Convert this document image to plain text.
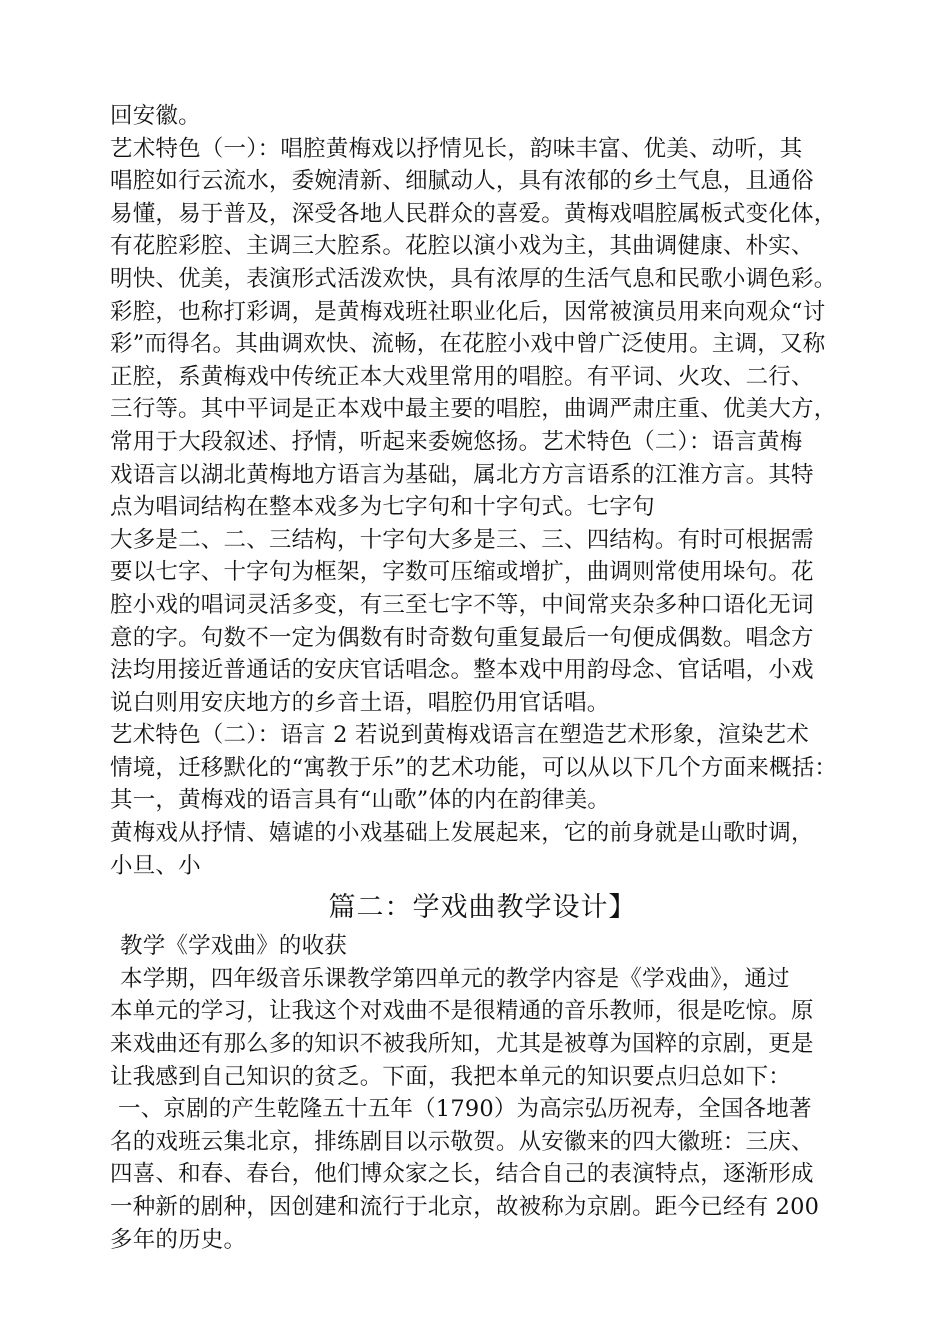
回安徽。
艺术特色（一）：唱腔黄梅戏以抒情见长，韵味丰富、优美、动听，其
唱腔如行云流水，委婉清新、细腻动人，具有浓郁的乡土气息，且通俗
易懂，易于普及，深受各地人民群众的喜爱。黄梅戏唱腔属板式变化体，
有花腔彩腔、主调三大腔系。花腔以演小戏为主，其曲调健康、朴实、
明快、优美，表演形式活泼欢快，具有浓厚的生活气息和民歌小调色彩。
彩腔，也称打彩调，是黄梅戏班社职业化后，因常被演员用来向观众“讨
彩”而得名。其曲调欢快、流畅，在花腔小戏中曾广泛使用。主调，又称
正腔，系黄梅戏中传统正本大戏里常用的唱腔。有平词、火攻、二行、
三行等。其中平词是正本戏中最主要的唱腔，曲调严肃庄重、优美大方，
常用于大段叙述、抒情，听起来委婉悠扬。艺术特色（二）：语言黄梅
戏语言以湖北黄梅地方语言为基础，属北方方言语系的江淮方言。其特
点为唱词结构在整本戏多为七字句和十字句式。七字句
大多是二、二、三结构，十字句大多是三、三、四结构。有时可根据需
要以七字、十字句为框架，字数可压缩或增扩，曲调则常使用垛句。花
腔小戏的唱词灵活多变，有三至七字不等，中间常夹杂多种口语化无词
意的字。句数不一定为偶数有时奇数句重复最后一句便成偶数。唱念方
法均用接近普通话的安庆官话唱念。整本戏中用韵母念、官话唱，小戏
说白则用安庆地方的乡音土语，唱腔仍用官话唱。
艺术特色（二）：语言 2 若说到黄梅戏语言在塑造艺术形象，渲染艺术
情境，迁移默化的“寓教于乐”的艺术功能，可以从以下几个方面来概括：
其一，黄梅戏的语言具有“山歌”体的内在韵律美。
黄梅戏从抒情、嬉谑的小戏基础上发展起来，它的前身就是山歌时调，
小旦、小
篇二：学戏曲教学设计】
教学《学戏曲》的收获
本学期，四年级音乐课教学第四单元的教学内容是《学戏曲》，通过
本单元的学习，让我这个对戏曲不是很精通的音乐教师，很是吃惊。原
来戏曲还有那么多的知识不被我所知，尤其是被尊为国粹的京剧，更是
让我感到自己知识的贫乏。下面，我把本单元的知识要点归总如下：
一、京剧的产生乾隆五十五年（1790）为高宗弘历祝寿，全国各地著
名的戏班云集北京，排练剧目以示敬贺。从安徽来的四大徽班：三庆、
四喜、和春、春台，他们博众家之长，结合自己的表演特点，逐渐形成
一种新的剧种，因创建和流行于北京，故被称为京剧。距今已经有 200
多年的历史。
